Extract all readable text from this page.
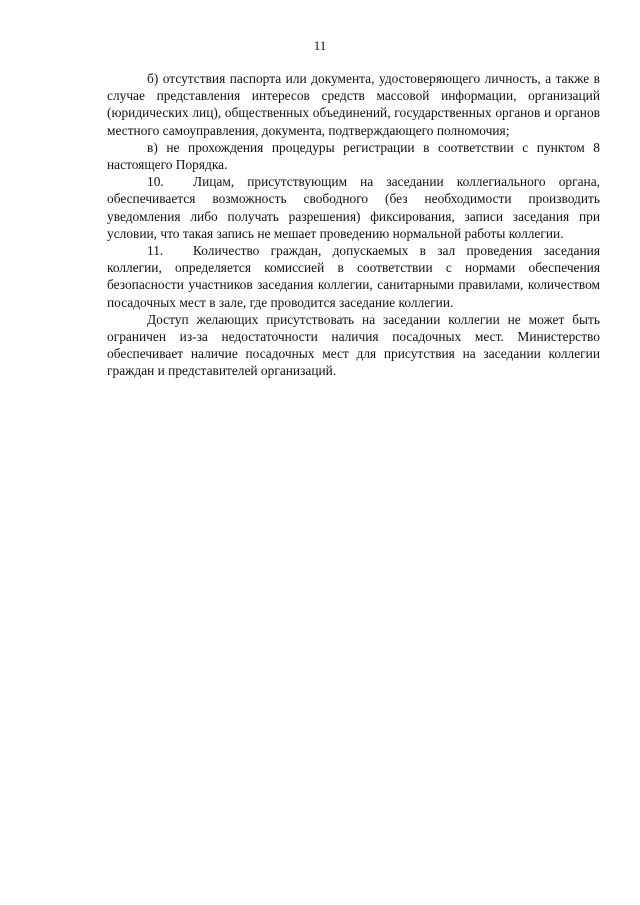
11

б) отсутствия паспорта или документа, удостоверяющего личность, а также в случае представления интересов средств массовой информации, организаций (юридических лиц), общественных объединений, государственных органов и органов местного самоуправления, документа, подтверждающего полномочия;

в) не прохождения процедуры регистрации в соответствии с пунктом 8 настоящего Порядка.

10. Лицам, присутствующим на заседании коллегиального органа, обеспечивается возможность свободного (без необходимости производить уведомления либо получать разрешения) фиксирования, записи заседания при условии, что такая запись не мешает проведению нормальной работы коллегии.

11. Количество граждан, допускаемых в зал проведения заседания коллегии, определяется комиссией в соответствии с нормами обеспечения безопасности участников заседания коллегии, санитарными правилами, количеством посадочных мест в зале, где проводится заседание коллегии.

Доступ желающих присутствовать на заседании коллегии не может быть ограничен из-за недостаточности наличия посадочных мест. Министерство обеспечивает наличие посадочных мест для присутствия на заседании коллегии граждан и представителей организаций.
